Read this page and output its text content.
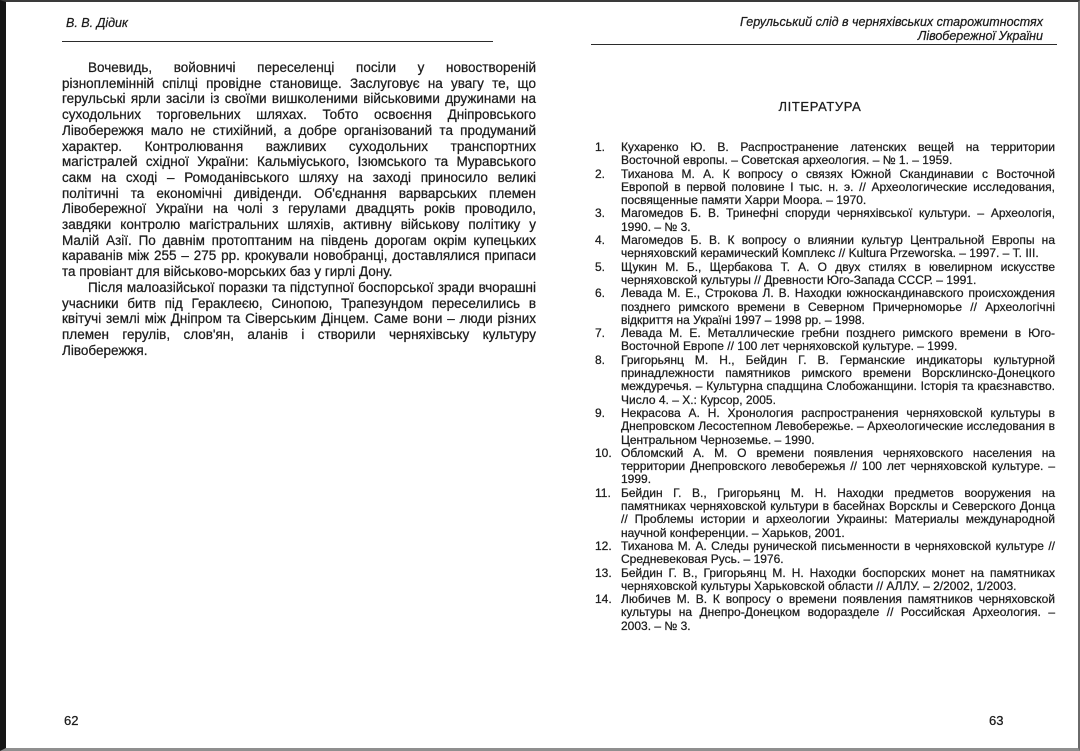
В. В. Дідик

Вочевидь, войовничі переселенці посіли у новоствореній різноплемінній спілці провідне становище. Заслуговує на увагу те, що герульські ярли засіли із своїми вишколеними військовими дружинами на суходольних торговельних шляхах. Тобто освоєння Дніпровського Лівобережжя мало не стихійний, а добре організований та продуманий характер. Контролювання важливих суходольних транспортних магістралей східної України: Кальміуського, Ізюмського та Муравського сакм на сході – Ромоданівського шляху на заході приносило великі політичні та економічні дивіденди. Об'єднання варварських племен Лівобережної України на чолі з герулами двадцять років проводило, завдяки контролю магістральних шляхів, активну військову політику у Малій Азії. По давнім протоптаним на південь дорогам окрім купецьких караванів між 255 – 275 рр. крокували новобранці, доставлялися припаси та провіант для військово-морських баз у гирлі Дону.

Після малоазійської поразки та підступної боспорської зради вчорашні учасники битв під Гераклеєю, Синопою, Трапезундом переселились в квітучі землі між Дніпром та Сіверським Дінцем. Саме вони – люди різних племен герулів, слов'ян, аланів і створили черняхівську культуру Лівобережжя.

62
Герульський слід в черняхівських старожитностях
Лівобережної України
ЛІТЕРАТУРА
1.	Кухаренко Ю. В. Распространение латенских вещей на территории Восточной европы. – Советская археология. – № 1. – 1959.
2.	Тиханова М. А. К вопросу о связях Южной Скандинавии с Восточной Европой в первой половине I тыс. н. э. // Археологические исследования, посвященные памяти Харри Моора. – 1970.
3.	Магомедов Б. В. Тринефні споруди черняхівської культури. – Археологія, 1990. – № 3.
4.	Магомедов Б. В. К вопросу о влиянии культур Центральной Европы на черняховский керамический Комплекс // Kultura Przeworska. – 1997. – Т. III.
5.	Щукин М. Б., Щербакова Т. А. О двух стилях в ювелирном искусстве черняховской культуры // Древности Юго-Запада СССР. – 1991.
6.	Левада М. Е., Строкова Л. В. Находки южноскандинавского происхождения позднего римского времени в Северном Причерноморье // Археологічні відкриття на Україні 1997 – 1998 рр. – 1998.
7.	Левада М. Е. Металлические гребни позднего римского времени в Юго-Восточной Европе // 100 лет черняховской культуре. – 1999.
8.	Григорьянц М. Н., Бейдин Г. В. Германские индикаторы культурной принадлежности памятников римского времени Ворсклинско-Донецкого междуречья. – Культурна спадщина Слобожанщини. Історія та краєзнавство. Число 4. – Х.: Курсор, 2005.
9.	Некрасова А. Н. Хронология распространения черняховской культуры в Днепровском Лесостепном Левобережье. – Археологические исследования в Центральном Черноземье. – 1990.
10. Обломский А. М. О времени появления черняховского населения на территории Днепровского левобережья // 100 лет черняховской культуре. – 1999.
11. Бейдин Г. В., Григорьянц М. Н. Находки предметов вооружения на памятниках черняховской культури в басейнах Ворсклы и Северского Донца // Проблемы истории и археологии Украины: Материалы международной научной конференции. – Харьков, 2001.
12. Тиханова М. А. Следы рунической письменности в черняховской культуре // Средневековая Русь. – 1976.
13. Бейдин Г. В., Григорьянц М. Н. Находки боспорских монет на памятниках черняховской культуры Харьковской области // АЛЛУ. – 2/2002, 1/2003.
14. Любичев М. В. К вопросу о времени появления памятников черняховской культуры на Днепро-Донецком водоразделе // Российская Археология. – 2003. – № 3.
63
